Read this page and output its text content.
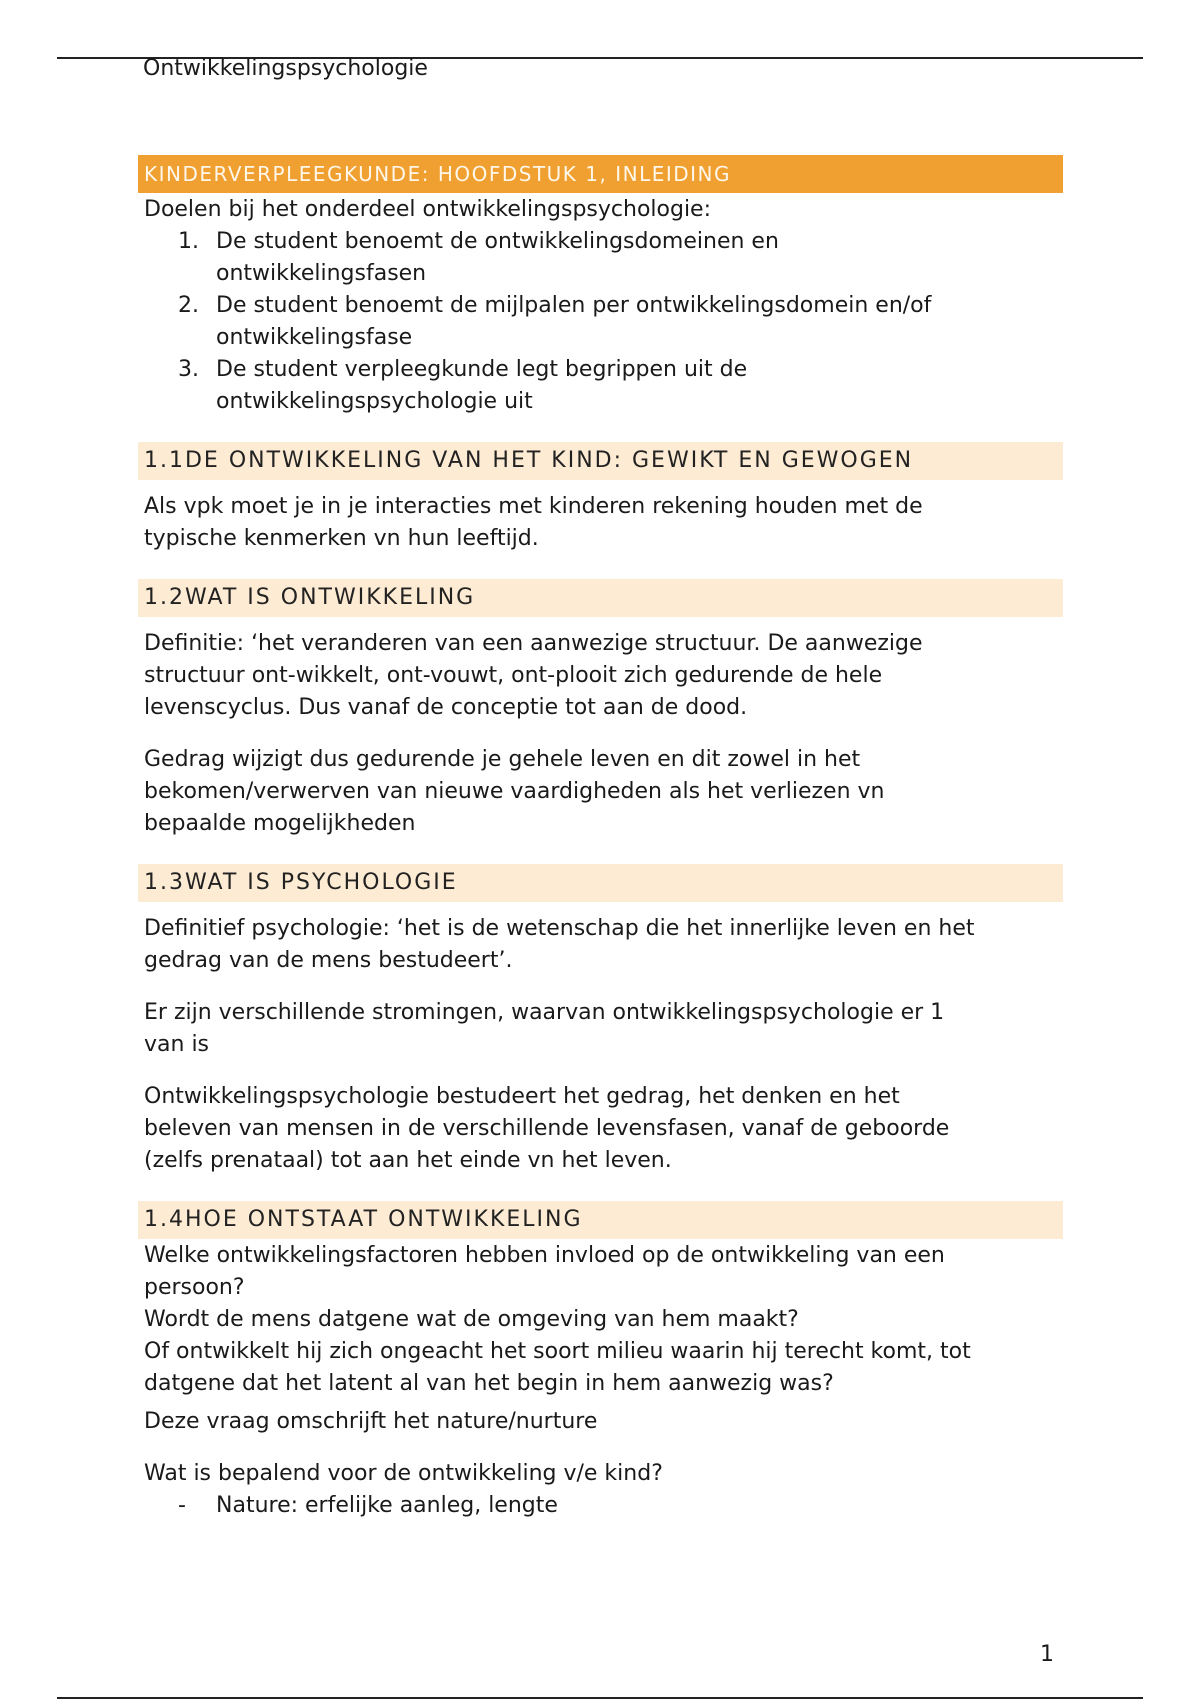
Ontwikkelingspsychologie
KINDERVERPLEEGKUNDE: HOOFDSTUK 1, INLEIDING

Doelen bij het onderdeel ontwikkelingspsychologie:

1. De student benoemt de ontwikkelingsdomeinen en
ontwikkelingsfasen
2. De student benoemt de mijlpalen per ontwikkelingsdomein en/of
ontwikkelingsfase
3. De student verpleegkunde legt begrippen uit de
ontwikkelingspsychologie uit
1.1DE ONTWIKKELING VAN HET KIND: GEWIKT EN GEWOGEN

Als vpk moet je in je interacties met kinderen rekening houden met de
typische kenmerken vn hun leeftijd.

1.2WAT IS ONTWIKKELING

Definitie: ‘het veranderen van een aanwezige structuur. De aanwezige
structuur ont-wikkelt, ont-vouwt, ont-plooit zich gedurende de hele
levenscyclus. Dus vanaf de conceptie tot aan de dood.

Gedrag wijzigt dus gedurende je gehele leven en dit zowel in het
bekomen/verwerven van nieuwe vaardigheden als het verliezen vn
bepaalde mogelijkheden

1.3WAT IS PSYCHOLOGIE

Definitief psychologie: ‘het is de wetenschap die het innerlijke leven en het
gedrag van de mens bestudeert’.

Er zijn verschillende stromingen, waarvan ontwikkelingspsychologie er 1
van is

Ontwikkelingspsychologie bestudeert het gedrag, het denken en het
beleven van mensen in de verschillende levensfasen, vanaf de geboorde
(zelfs prenataal) tot aan het einde vn het leven.

1.4HOE ONTSTAAT ONTWIKKELING

Welke ontwikkelingsfactoren hebben invloed op de ontwikkeling van een
persoon?
Wordt de mens datgene wat de omgeving van hem maakt?
Of ontwikkelt hij zich ongeacht het soort milieu waarin hij terecht komt, tot
datgene dat het latent al van het begin in hem aanwezig was?

Deze vraag omschrijft het nature/nurture

Wat is bepalend voor de ontwikkeling v/e kind?

- Nature: erfelijke aanleg, lengte
1
